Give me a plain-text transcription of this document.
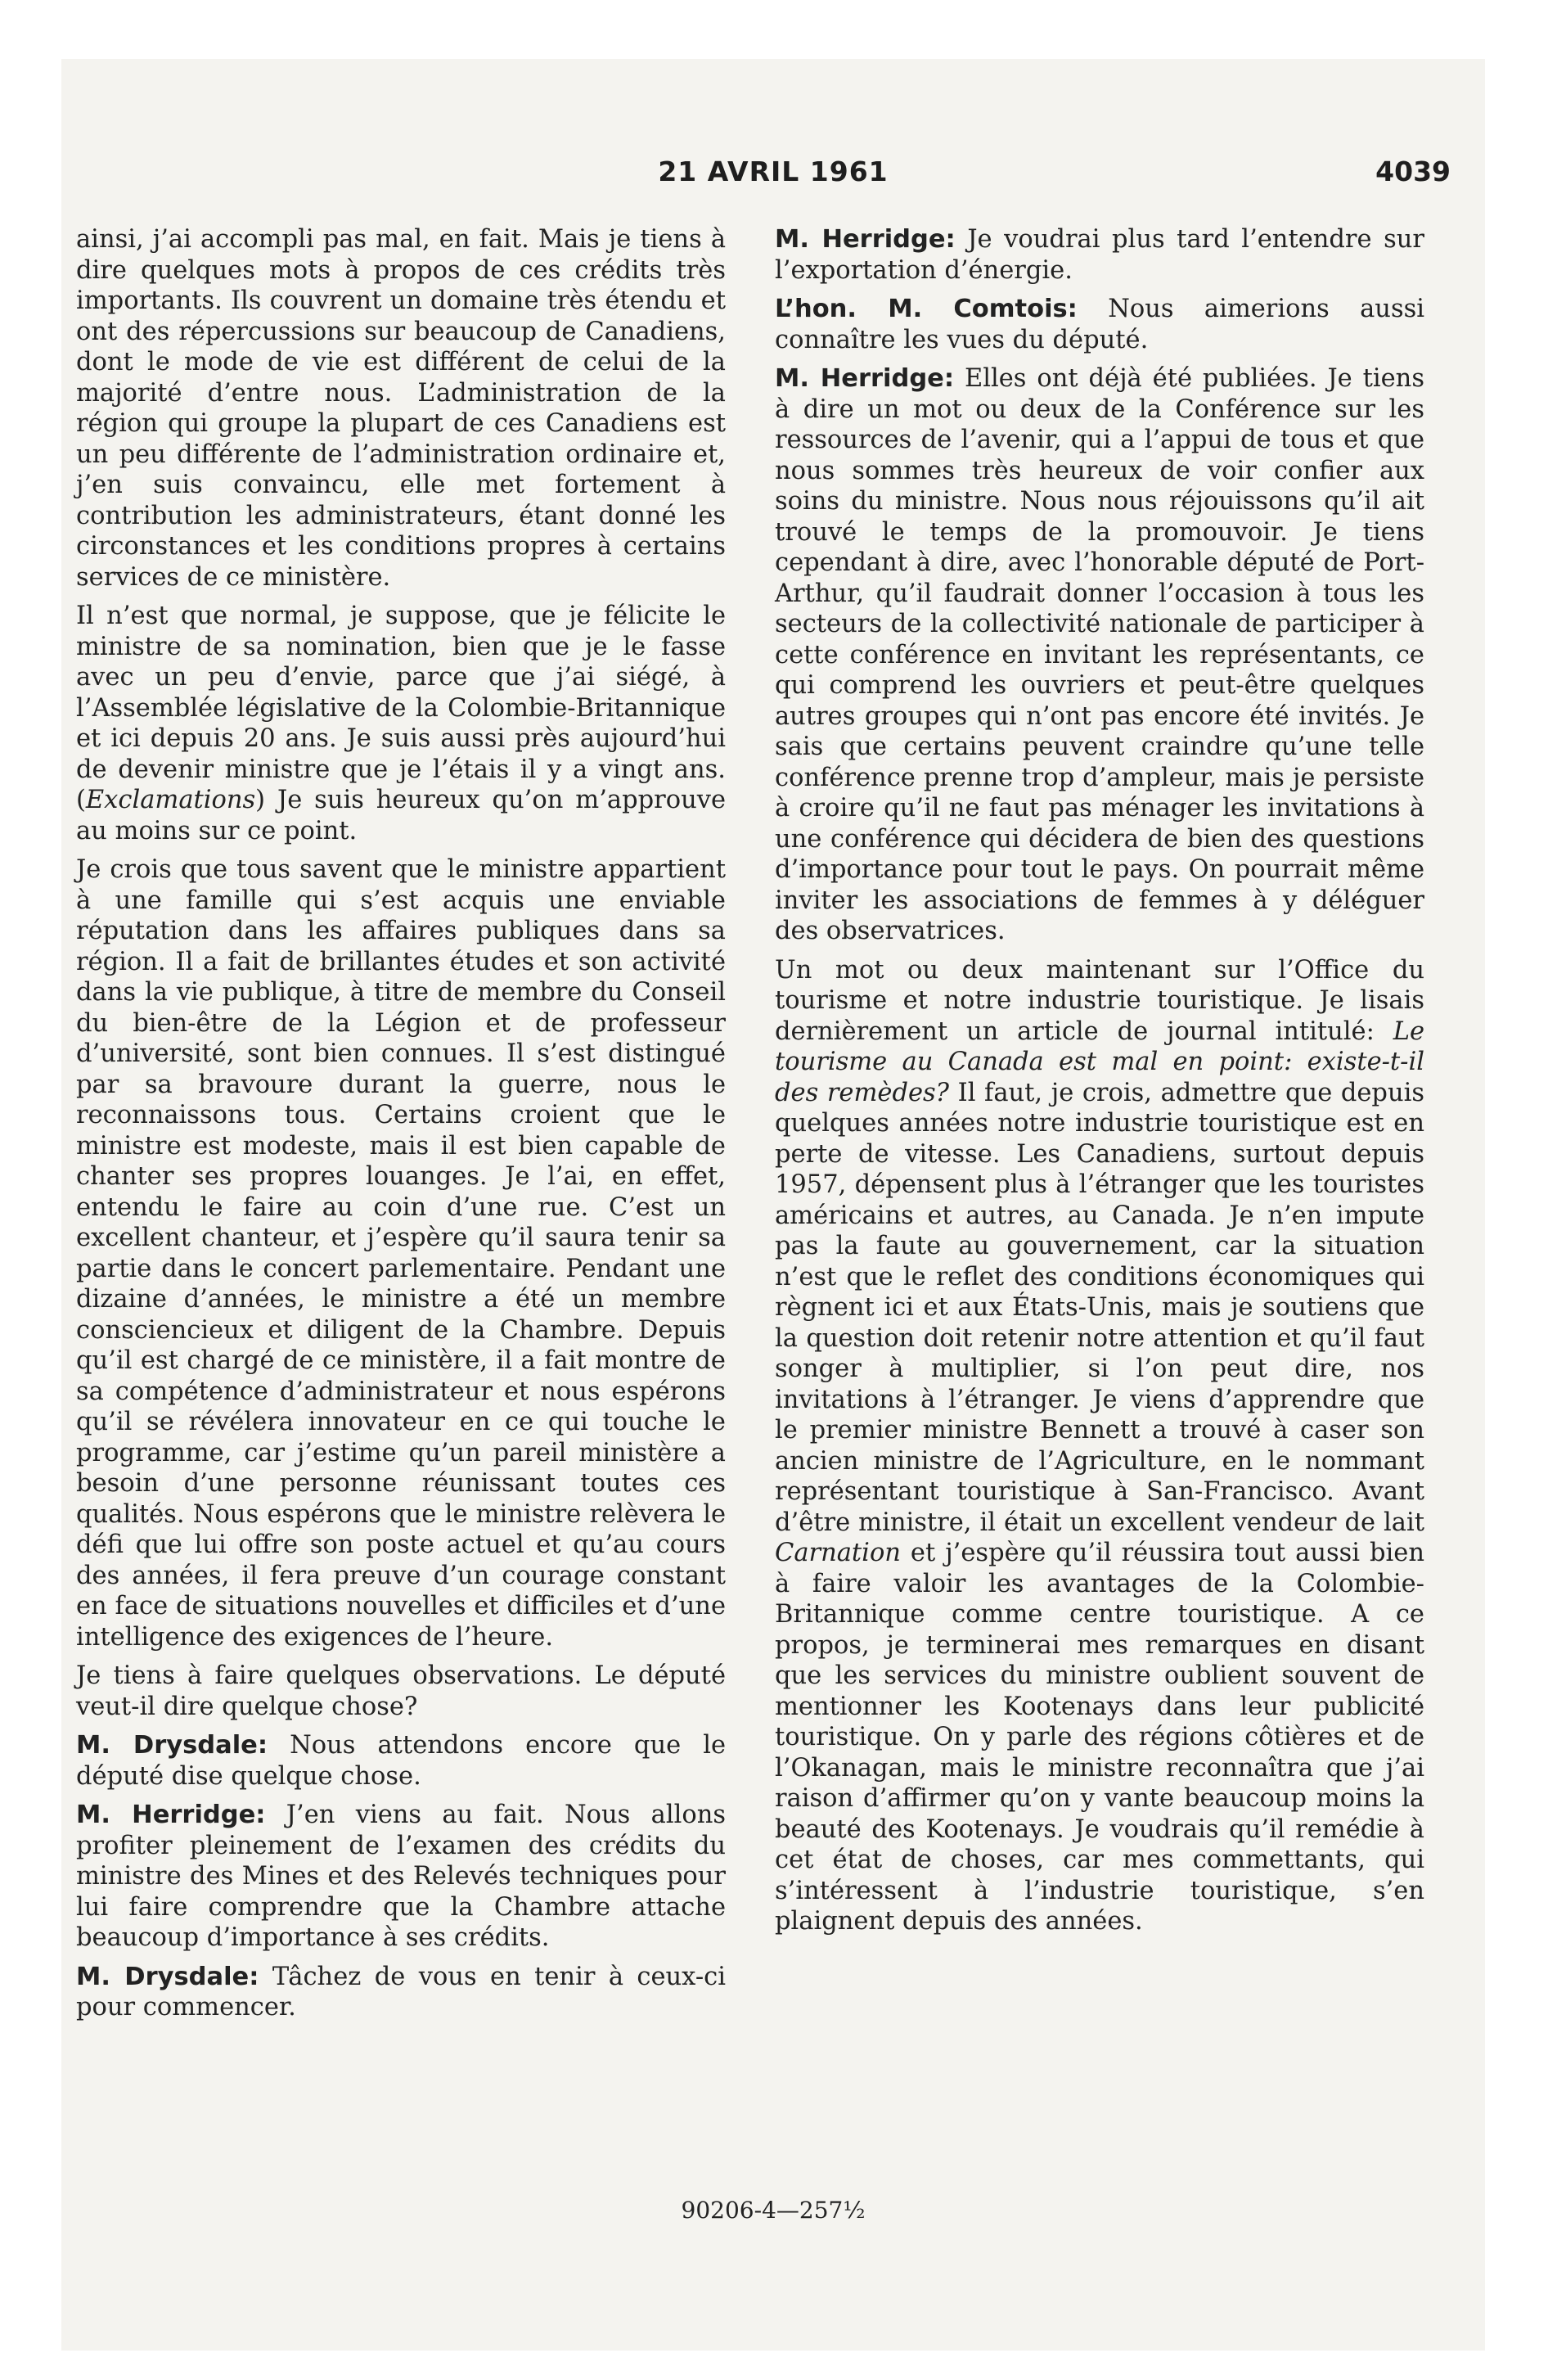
21 AVRIL 1961	4039

ainsi, j’ai accompli pas mal, en fait. Mais je tiens à dire quelques mots à propos de ces crédits très importants. Ils couvrent un domaine très étendu et ont des répercussions sur beaucoup de Canadiens, dont le mode de vie est différent de celui de la majorité d’entre nous. L’administration de la région qui groupe la plupart de ces Canadiens est un peu différente de l’administration ordinaire et, j’en suis convaincu, elle met fortement à contribution les administrateurs, étant donné les circonstances et les conditions propres à certains services de ce ministère.

Il n’est que normal, je suppose, que je félicite le ministre de sa nomination, bien que je le fasse avec un peu d’envie, parce que j’ai siégé, à l’Assemblée législative de la Colombie-Britannique et ici depuis 20 ans. Je suis aussi près aujourd’hui de devenir ministre que je l’étais il y a vingt ans. (Exclamations) Je suis heureux qu’on m’approuve au moins sur ce point.

Je crois que tous savent que le ministre appartient à une famille qui s’est acquis une enviable réputation dans les affaires publiques dans sa région. Il a fait de brillantes études et son activité dans la vie publique, à titre de membre du Conseil du bien-être de la Légion et de professeur d’université, sont bien connues. Il s’est distingué par sa bravoure durant la guerre, nous le reconnaissons tous. Certains croient que le ministre est modeste, mais il est bien capable de chanter ses propres louanges. Je l’ai, en effet, entendu le faire au coin d’une rue. C’est un excellent chanteur, et j’espère qu’il saura tenir sa partie dans le concert parlementaire. Pendant une dizaine d’années, le ministre a été un membre consciencieux et diligent de la Chambre. Depuis qu’il est chargé de ce ministère, il a fait montre de sa compétence d’administrateur et nous espérons qu’il se révélera innovateur en ce qui touche le programme, car j’estime qu’un pareil ministère a besoin d’une personne réunissant toutes ces qualités. Nous espérons que le ministre relèvera le défi que lui offre son poste actuel et qu’au cours des années, il fera preuve d’un courage constant en face de situations nouvelles et difficiles et d’une intelligence des exigences de l’heure.

Je tiens à faire quelques observations. Le député veut-il dire quelque chose?

M. Drysdale: Nous attendons encore que le député dise quelque chose.

M. Herridge: J’en viens au fait. Nous allons profiter pleinement de l’examen des crédits du ministre des Mines et des Relevés techniques pour lui faire comprendre que la Chambre attache beaucoup d’importance à ses crédits.

M. Drysdale: Tâchez de vous en tenir à ceux-ci pour commencer.

M. Herridge: Je voudrai plus tard l’entendre sur l’exportation d’énergie.

L’hon. M. Comtois: Nous aimerions aussi connaître les vues du député.

M. Herridge: Elles ont déjà été publiées. Je tiens à dire un mot ou deux de la Conférence sur les ressources de l’avenir, qui a l’appui de tous et que nous sommes très heureux de voir confier aux soins du ministre. Nous nous réjouissons qu’il ait trouvé le temps de la promouvoir. Je tiens cependant à dire, avec l’honorable député de Port-Arthur, qu’il faudrait donner l’occasion à tous les secteurs de la collectivité nationale de participer à cette conférence en invitant les représentants, ce qui comprend les ouvriers et peut-être quelques autres groupes qui n’ont pas encore été invités. Je sais que certains peuvent craindre qu’une telle conférence prenne trop d’ampleur, mais je persiste à croire qu’il ne faut pas ménager les invitations à une conférence qui décidera de bien des questions d’importance pour tout le pays. On pourrait même inviter les associations de femmes à y déléguer des observatrices.

Un mot ou deux maintenant sur l’Office du tourisme et notre industrie touristique. Je lisais dernièrement un article de journal intitulé: Le tourisme au Canada est mal en point: existe-t-il des remèdes? Il faut, je crois, admettre que depuis quelques années notre industrie touristique est en perte de vitesse. Les Canadiens, surtout depuis 1957, dépensent plus à l’étranger que les touristes américains et autres, au Canada. Je n’en impute pas la faute au gouvernement, car la situation n’est que le reflet des conditions économiques qui règnent ici et aux États-Unis, mais je soutiens que la question doit retenir notre attention et qu’il faut songer à multiplier, si l’on peut dire, nos invitations à l’étranger. Je viens d’apprendre que le premier ministre Bennett a trouvé à caser son ancien ministre de l’Agriculture, en le nommant représentant touristique à San-Francisco. Avant d’être ministre, il était un excellent vendeur de lait Carnation et j’espère qu’il réussira tout aussi bien à faire valoir les avantages de la Colombie-Britannique comme centre touristique. A ce propos, je terminerai mes remarques en disant que les services du ministre oublient souvent de mentionner les Kootenays dans leur publicité touristique. On y parle des régions côtières et de l’Okanagan, mais le ministre reconnaîtra que j’ai raison d’affirmer qu’on y vante beaucoup moins la beauté des Kootenays. Je voudrais qu’il remédie à cet état de choses, car mes commettants, qui s’intéressent à l’industrie touristique, s’en plaignent depuis des années.

90206-4—257½
